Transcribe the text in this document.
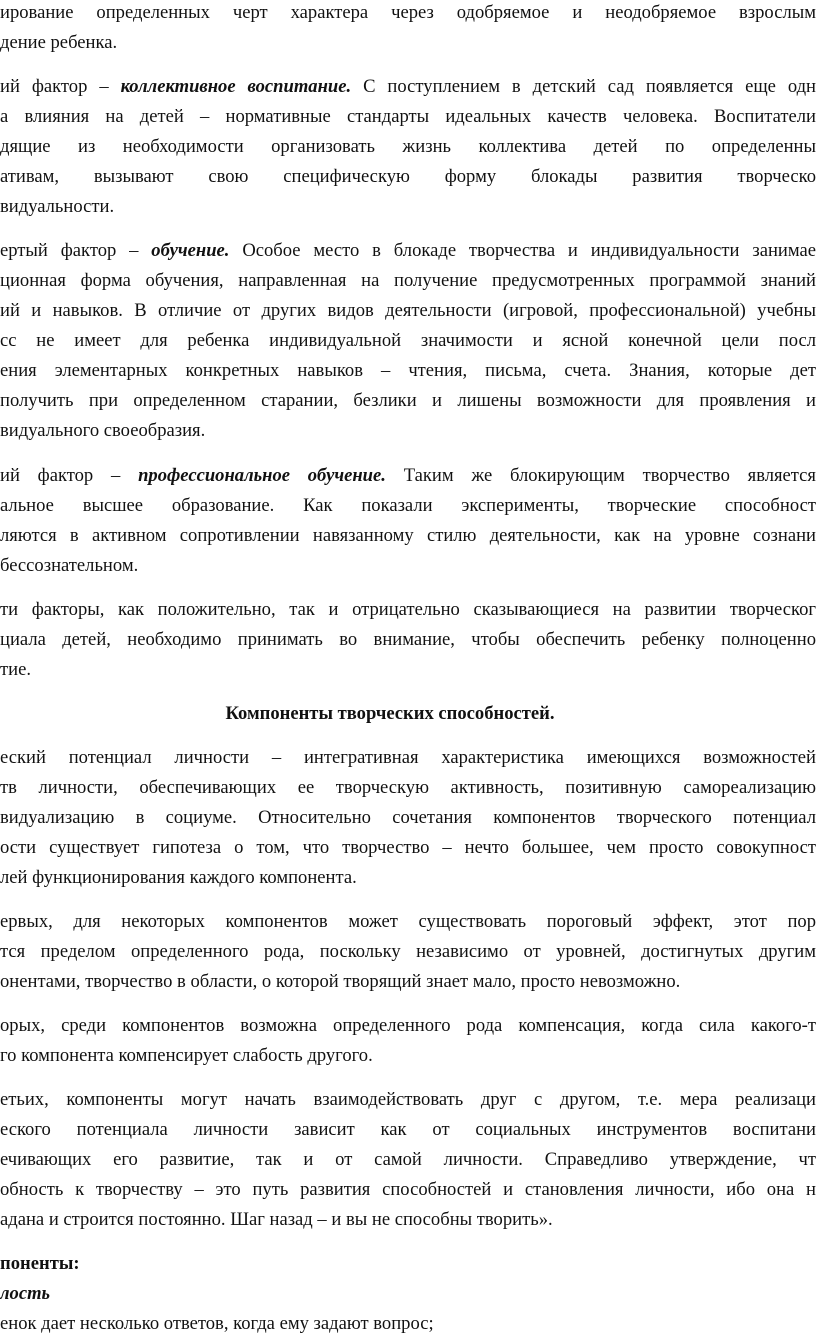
ирование определенных черт характера через одобряемое и неодобряемое взрослым
дение ребенка.
ий фактор – коллективное воспитание. С поступлением в детский сад появляется еще одн
а влияния на детей – нормативные стандарты идеальных качеств человека. Воспитатели
дящие из необходимости организовать жизнь коллектива детей по определенны
ативам, вызывают свою специфическую форму блокады развития творческо
видуальности.
ертый фактор – обучение. Особое место в блокаде творчества и индивидуальности занимае
ционная форма обучения, направленная на получение предусмотренных программой знаний
ий и навыков. В отличие от других видов деятельности (игровой, профессиональной) учебны
сс не имеет для ребенка индивидуальной значимости и ясной конечной цели посл
ения элементарных конкретных навыков – чтения, письма, счета. Знания, которые дет
получить при определенном старании, безлики и лишены возможности для проявления и
видуального своеобразия.
ий фактор – профессиональное обучение. Таким же блокирующим творчество является
альное высшее образование. Как показали эксперименты, творческие способност
ляются в активном сопротивлении навязанному стилю деятельности, как на уровне сознани
бессознательном.
ти факторы, как положительно, так и отрицательно сказывающиеся на развитии творческог
циала детей, необходимо принимать во внимание, чтобы обеспечить ребенку полноценно
тие.
Компоненты творческих способностей.
еский потенциал личности – интегративная характеристика имеющихся возможностей
тв личности, обеспечивающих ее творческую активность, позитивную самореализацию
видуализацию в социуме. Относительно сочетания компонентов творческого потенциал
ости существует гипотеза о том, что творчество – нечто большее, чем просто совокупност
лей функционирования каждого компонента.
ервых, для некоторых компонентов может существовать пороговый эффект, этот пор
тся пределом определенного рода, поскольку независимо от уровней, достигнутых другим
онентами, творчество в области, о которой творящий знает мало, просто невозможно.
орых, среди компонентов возможна определенного рода компенсация, когда сила какого-т
го компонента компенсирует слабость другого.
етьих, компоненты могут начать взаимодействовать друг с другом, т.е. мера реализаци
еского потенциала личности зависит как от социальных инструментов воспитани
ечивающих его развитие, так и от самой личности. Справедливо утверждение, чт
обность к творчеству – это путь развития способностей и становления личности, ибо она н
адана и строится постоянно. Шаг назад – и вы не способны творить».
поненты:
лость
енок дает несколько ответов, когда ему задают вопрос;
